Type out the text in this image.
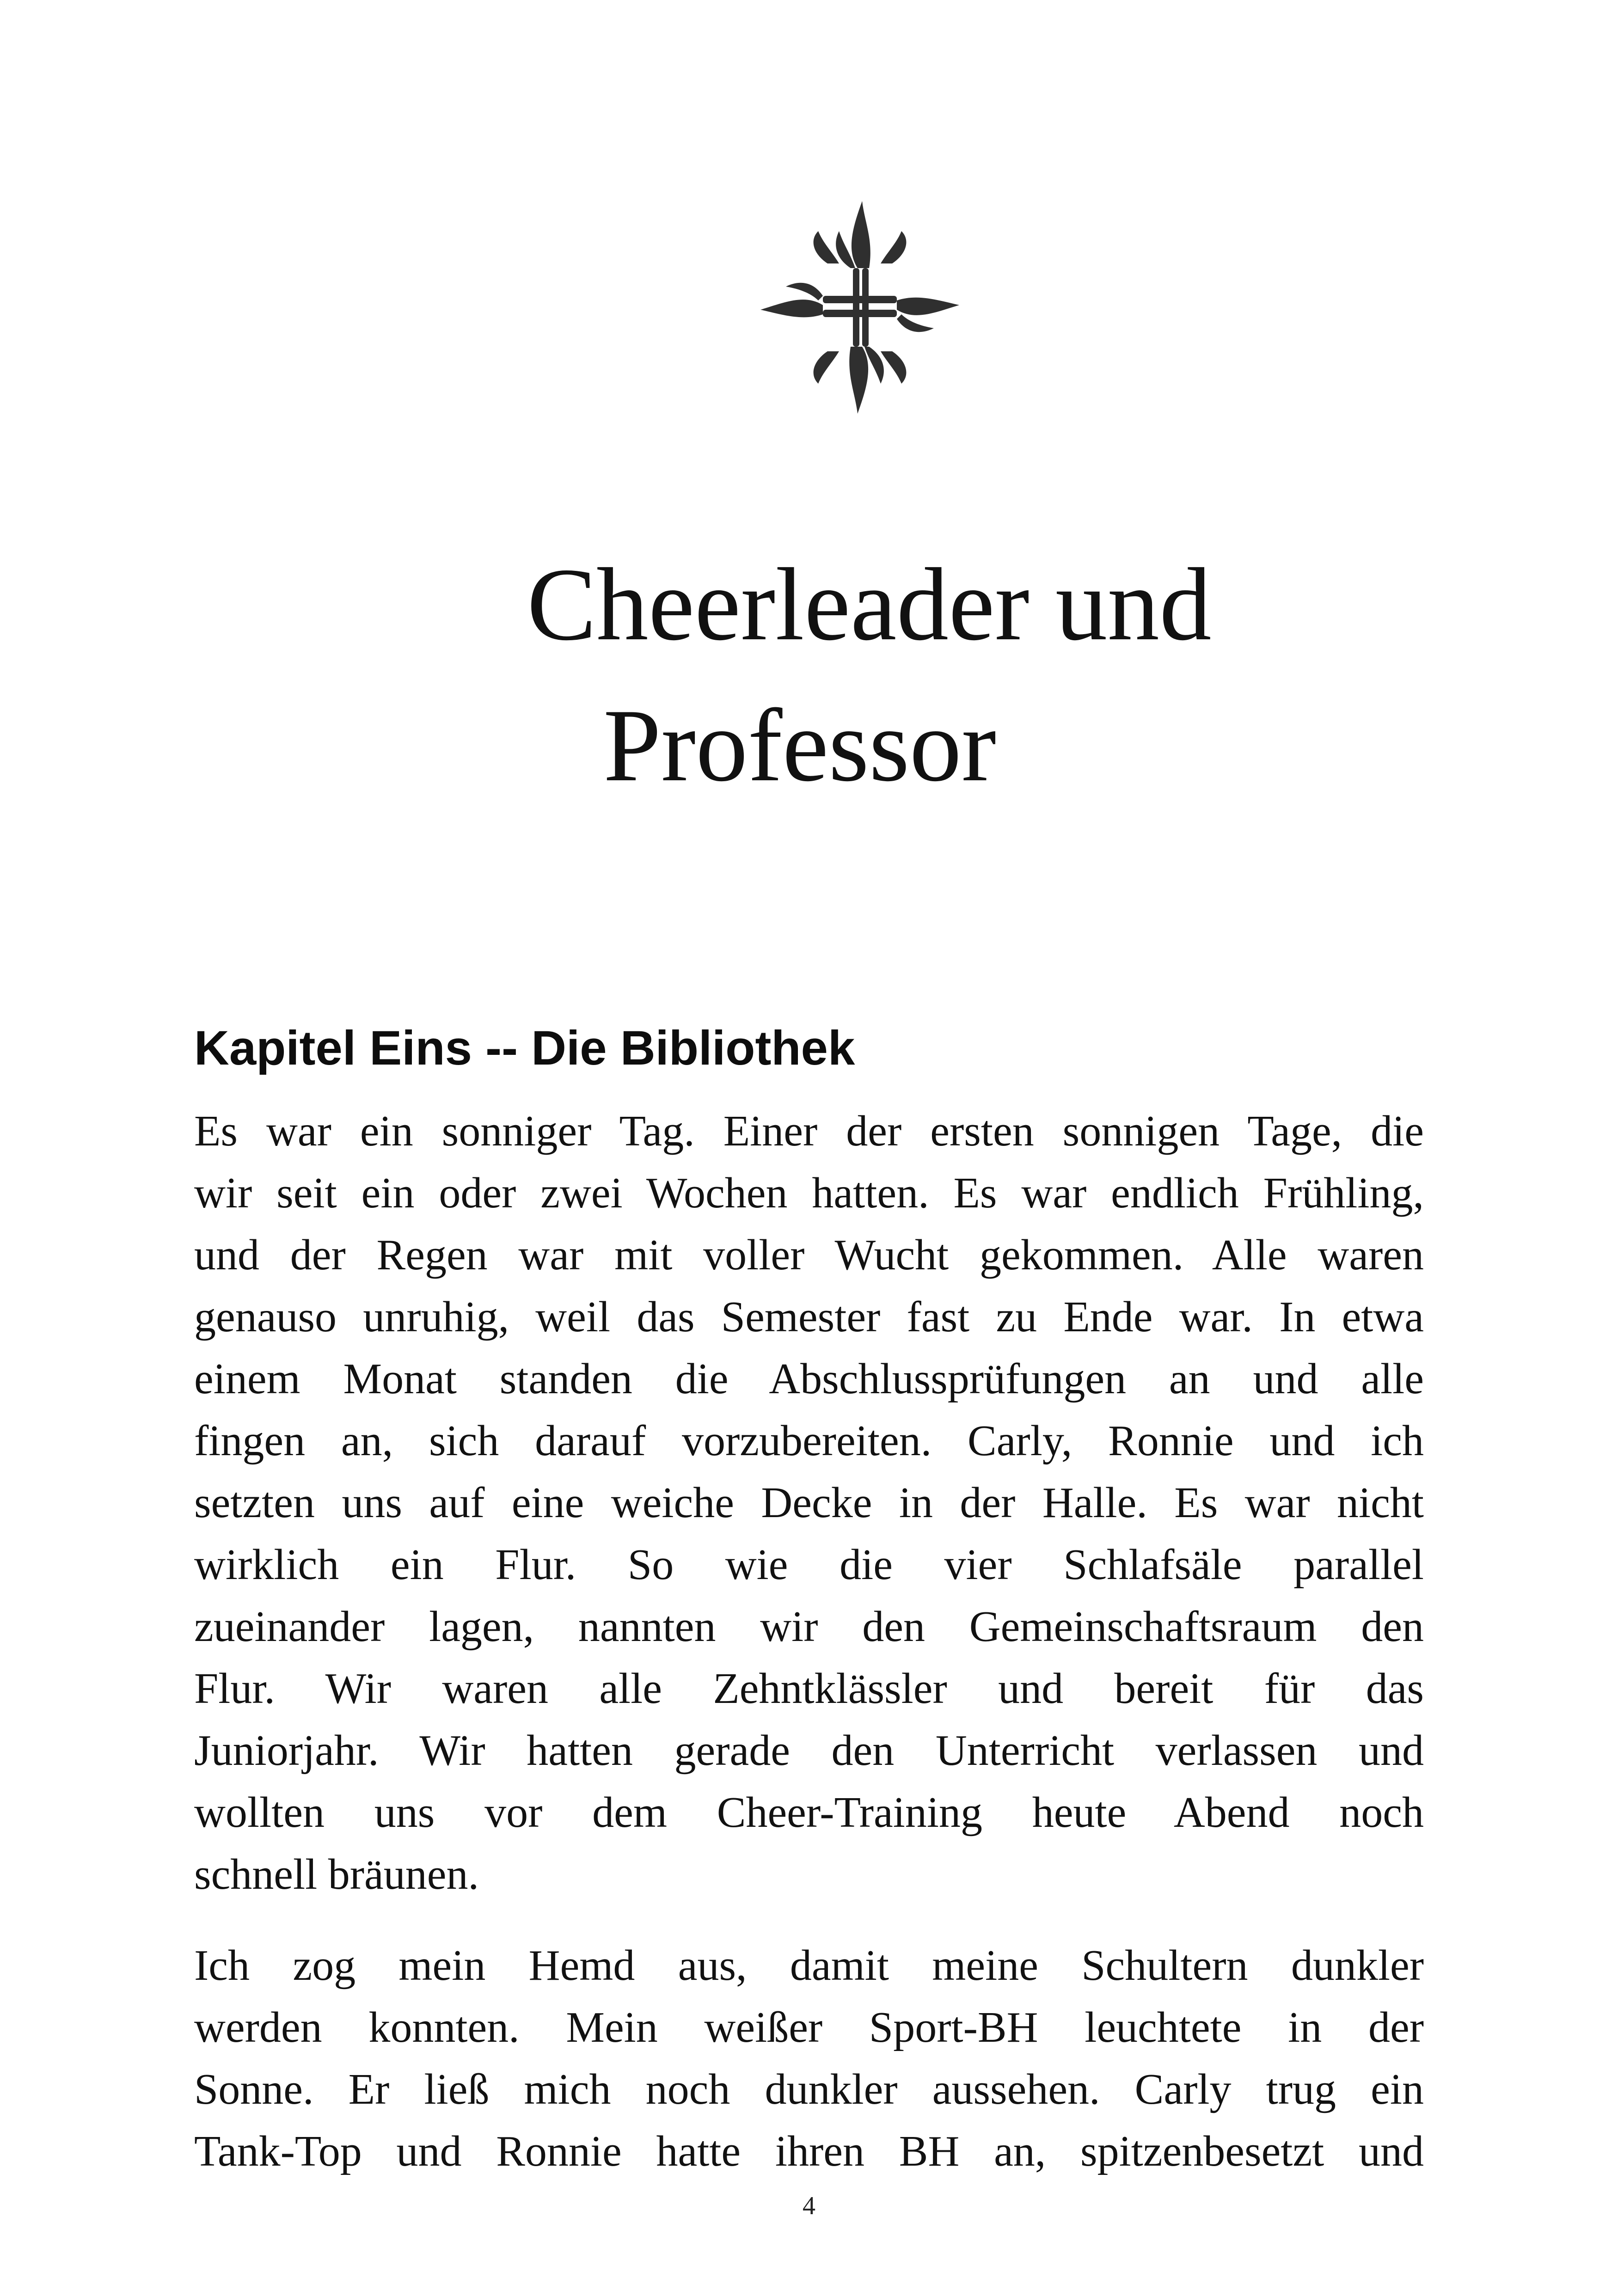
Cheerleader und
Professor
Kapitel Eins -- Die Bibliothek
Es war ein sonniger Tag. Einer der ersten sonnigen Tage, die
wir seit ein oder zwei Wochen hatten. Es war endlich Frühling,
und der Regen war mit voller Wucht gekommen. Alle waren
genauso unruhig, weil das Semester fast zu Ende war. In etwa
einem Monat standen die Abschlussprüfungen an und alle
fingen an, sich darauf vorzubereiten. Carly, Ronnie und ich
setzten uns auf eine weiche Decke in der Halle. Es war nicht
wirklich ein Flur. So wie die vier Schlafsäle parallel
zueinander lagen, nannten wir den Gemeinschaftsraum den
Flur. Wir waren alle Zehntklässler und bereit für das
Juniorjahr. Wir hatten gerade den Unterricht verlassen und
wollten uns vor dem Cheer-Training heute Abend noch
schnell bräunen.
Ich zog mein Hemd aus, damit meine Schultern dunkler
werden konnten. Mein weißer Sport-BH leuchtete in der
Sonne. Er ließ mich noch dunkler aussehen. Carly trug ein
Tank-Top und Ronnie hatte ihren BH an, spitzenbesetzt und
4
